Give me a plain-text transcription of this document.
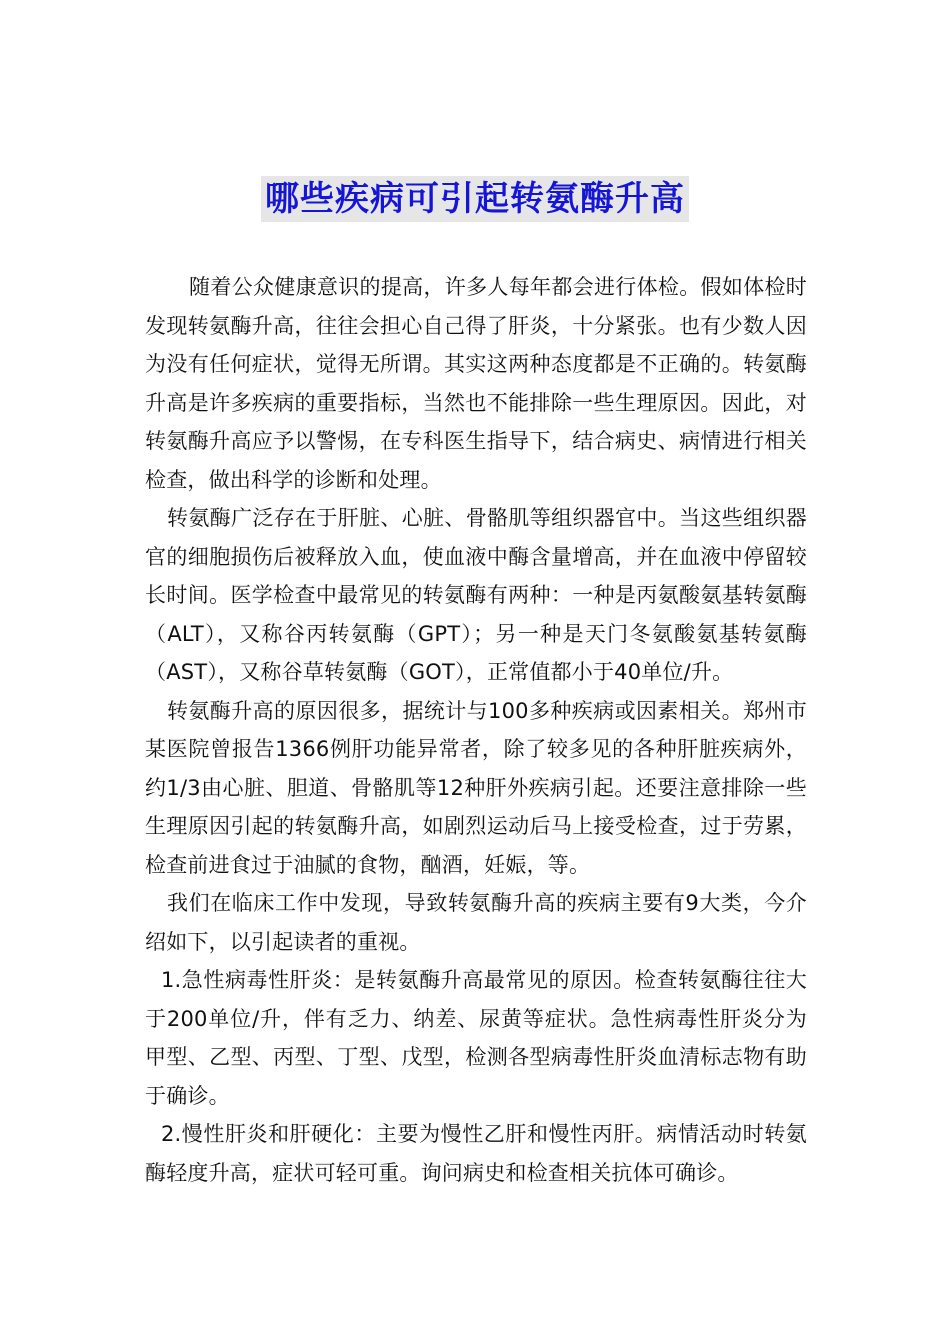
哪些疾病可引起转氨酶升高

随着公众健康意识的提高，许多人每年都会进行体检。假如体检时发现转氨酶升高，往往会担心自己得了肝炎，十分紧张。也有少数人因为没有任何症状，觉得无所谓。其实这两种态度都是不正确的。转氨酶升高是许多疾病的重要指标，当然也不能排除一些生理原因。因此，对转氨酶升高应予以警惕，在专科医生指导下，结合病史、病情进行相关检查，做出科学的诊断和处理。

转氨酶广泛存在于肝脏、心脏、骨骼肌等组织器官中。当这些组织器官的细胞损伤后被释放入血，使血液中酶含量增高，并在血液中停留较长时间。医学检查中最常见的转氨酶有两种：一种是丙氨酸氨基转氨酶（ALT），又称谷丙转氨酶（GPT）；另一种是天门冬氨酸氨基转氨酶（AST），又称谷草转氨酶（GOT），正常值都小于40单位/升。

转氨酶升高的原因很多，据统计与100多种疾病或因素相关。郑州市某医院曾报告1366例肝功能异常者，除了较多见的各种肝脏疾病外，约1/3由心脏、胆道、骨骼肌等12种肝外疾病引起。还要注意排除一些生理原因引起的转氨酶升高，如剧烈运动后马上接受检查，过于劳累，检查前进食过于油腻的食物，酗酒，妊娠，等。

我们在临床工作中发现，导致转氨酶升高的疾病主要有9大类，今介绍如下，以引起读者的重视。

1.急性病毒性肝炎：是转氨酶升高最常见的原因。检查转氨酶往往大于200单位/升，伴有乏力、纳差、尿黄等症状。急性病毒性肝炎分为甲型、乙型、丙型、丁型、戊型，检测各型病毒性肝炎血清标志物有助于确诊。

2.慢性肝炎和肝硬化：主要为慢性乙肝和慢性丙肝。病情活动时转氨酶轻度升高，症状可轻可重。询问病史和检查相关抗体可确诊。
